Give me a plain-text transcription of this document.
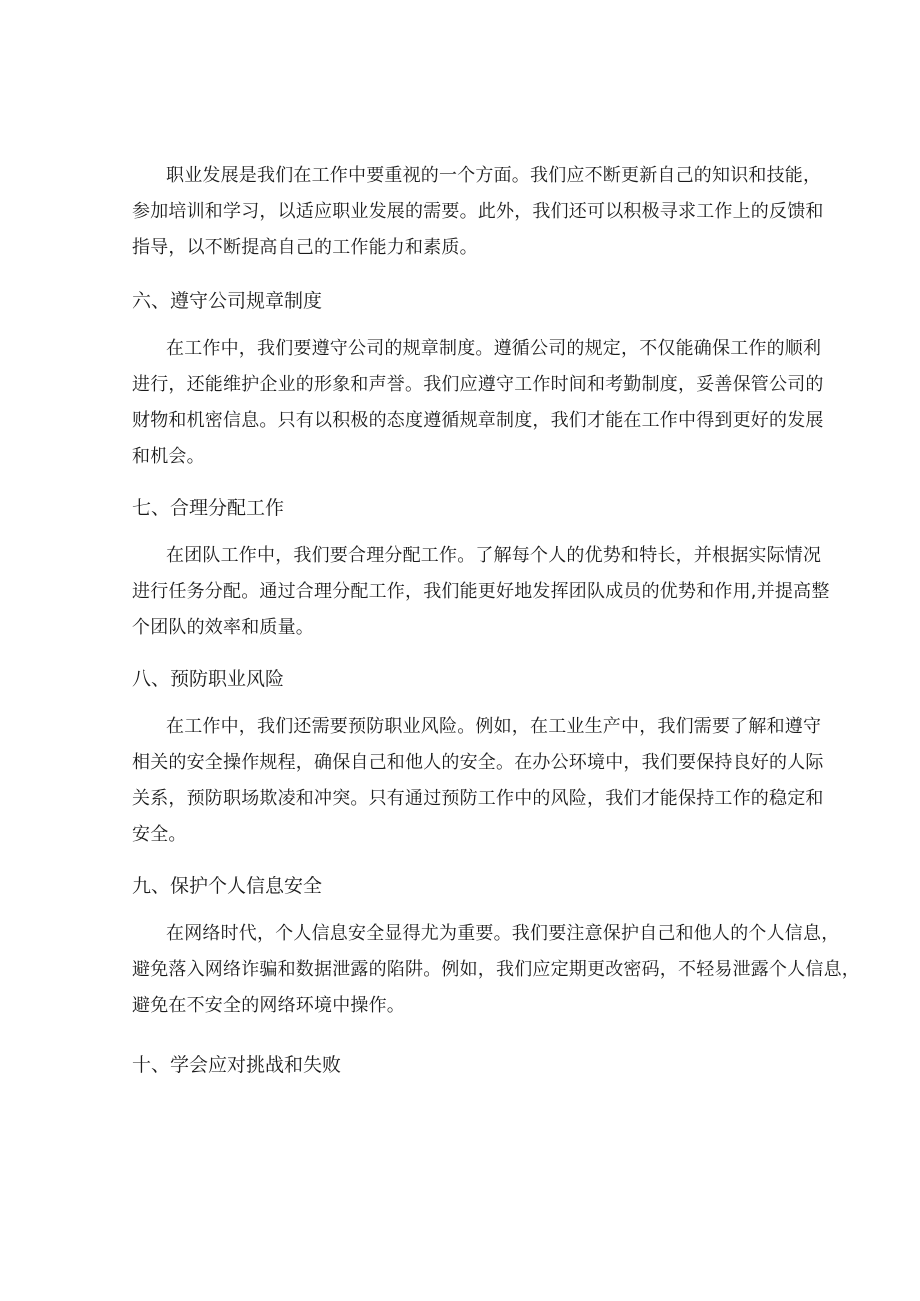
职业发展是我们在工作中要重视的一个方面。我们应不断更新自己的知识和技能，
参加培训和学习，以适应职业发展的需要。此外，我们还可以积极寻求工作上的反馈和
指导，以不断提高自己的工作能力和素质。

六、遵守公司规章制度

在工作中，我们要遵守公司的规章制度。遵循公司的规定，不仅能确保工作的顺利
进行，还能维护企业的形象和声誉。我们应遵守工作时间和考勤制度，妥善保管公司的
财物和机密信息。只有以积极的态度遵循规章制度，我们才能在工作中得到更好的发展
和机会。

七、合理分配工作

在团队工作中，我们要合理分配工作。了解每个人的优势和特长，并根据实际情况
进行任务分配。通过合理分配工作，我们能更好地发挥团队成员的优势和作用,并提高整
个团队的效率和质量。

八、预防职业风险

在工作中，我们还需要预防职业风险。例如，在工业生产中，我们需要了解和遵守
相关的安全操作规程，确保自己和他人的安全。在办公环境中，我们要保持良好的人际
关系，预防职场欺凌和冲突。只有通过预防工作中的风险，我们才能保持工作的稳定和
安全。

九、保护个人信息安全

在网络时代，个人信息安全显得尤为重要。我们要注意保护自己和他人的个人信息，
避免落入网络诈骗和数据泄露的陷阱。例如，我们应定期更改密码，不轻易泄露个人信息，
避免在不安全的网络环境中操作。

十、学会应对挑战和失败
